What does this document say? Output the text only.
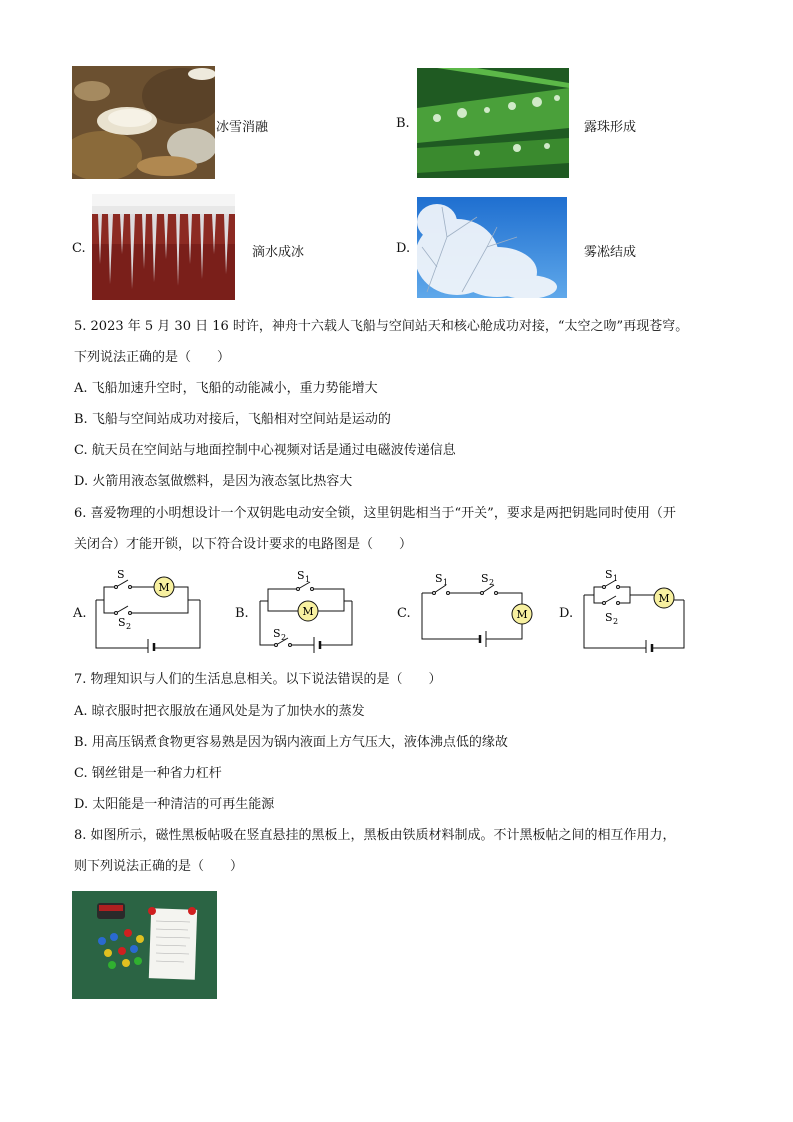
冰雪消融	B.	露珠形成
C.	滴水成冰	D.	雾凇结成
5. 2023 年 5 月 30 日 16 时许，神舟十六载人飞船与空间站天和核心舱成功对接，“太空之吻”再现苍穹。
下列说法正确的是（　　）
A. 飞船加速升空时，飞船的动能减小，重力势能增大
B. 飞船与空间站成功对接后，飞船相对空间站是运动的
C. 航天员在空间站与地面控制中心视频对话是通过电磁波传递信息
D. 火箭用液态氢做燃料，是因为液态氢比热容大
6. 喜爱物理的小明想设计一个双钥匙电动安全锁，这里钥匙相当于“开关”，要求是两把钥匙同时使用（开
关闭合）才能开锁，以下符合设计要求的电路图是（　　）
A.
M
S
S 2
B.	M
S 1
S 2
C.	M
S 1	S 2
D.
M
S 1
S 2
7. 物理知识与人们的生活息息相关。以下说法错误的是（　　）
A. 晾衣服时把衣服放在通风处是为了加快水的蒸发
B. 用高压锅煮食物更容易熟是因为锅内液面上方气压大，液体沸点低的缘故
C. 钢丝钳是一种省力杠杆
D. 太阳能是一种清洁的可再生能源
8. 如图所示，磁性黑板帖吸在竖直悬挂的黑板上，黑板由铁质材料制成。不计黑板帖之间的相互作用力，
则下列说法正确的是（　　）
